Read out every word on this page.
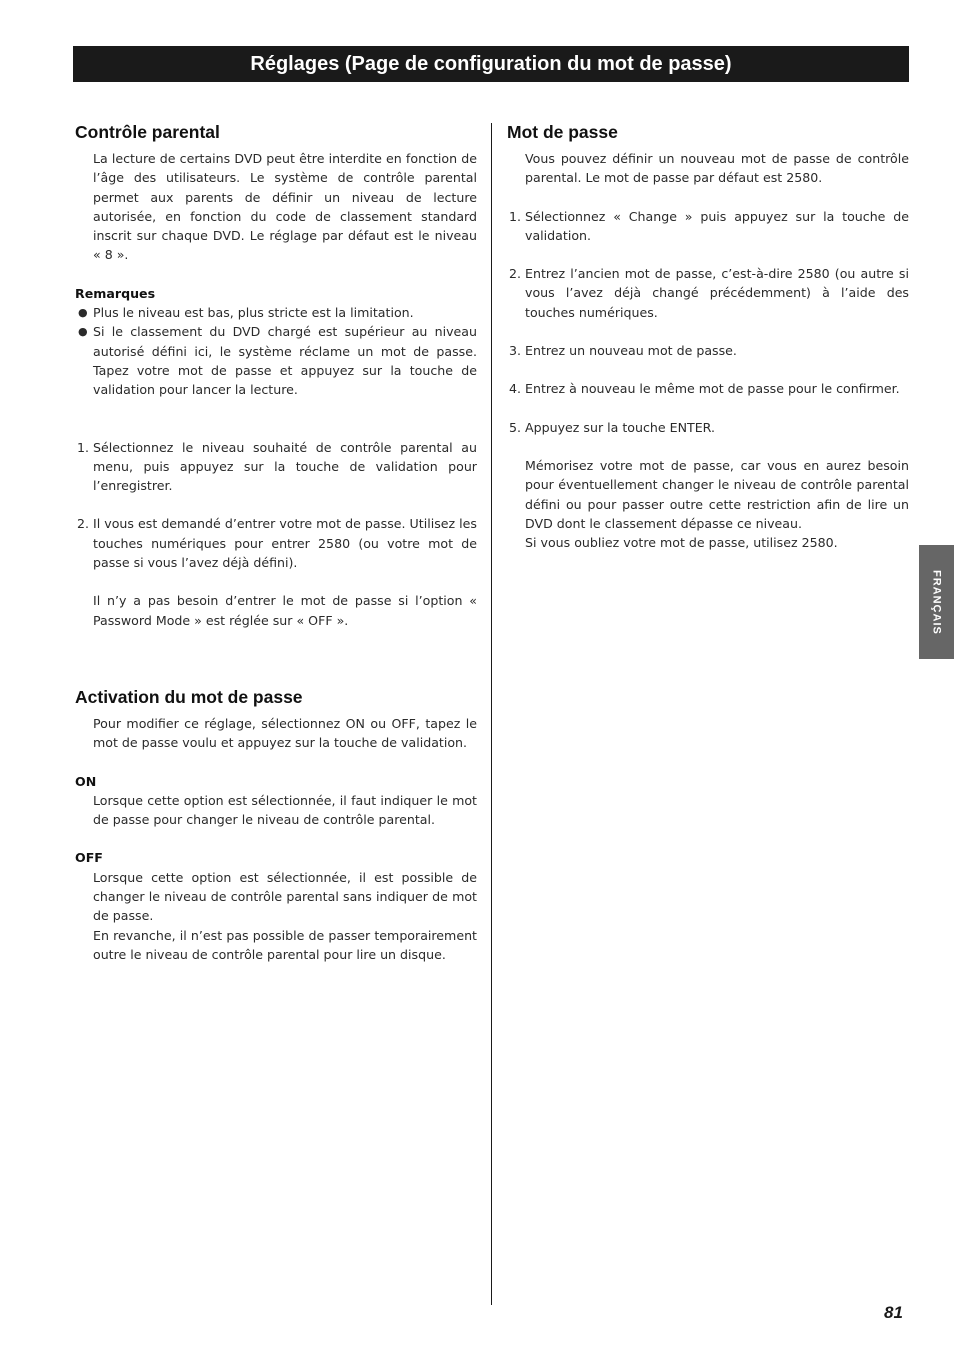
Réglages (Page de configuration du mot de passe)
Contrôle parental

La lecture de certains DVD peut être interdite en fonction de l’âge des utilisateurs. Le système de contrôle parental permet aux parents de définir un niveau de lecture autorisée, en fonction du code de classement standard inscrit sur chaque DVD. Le réglage par défaut est le niveau « 8 ».

Remarques

● Plus le niveau est bas, plus stricte est la limitation.
● Si le classement du DVD chargé est supérieur au niveau autorisé défini ici, le système réclame un mot de passe. Tapez votre mot de passe et appuyez sur la touche de validation pour lancer la lecture.
1. Sélectionnez le niveau souhaité de contrôle parental au menu, puis appuyez sur la touche de validation pour l’enregistrer.
2. Il vous est demandé d’entrer votre mot de passe. Utilisez les touches numériques pour entrer 2580 (ou votre mot de passe si vous l’avez déjà défini).

Il n’y a pas besoin d’entrer le mot de passe si l’option « Password Mode » est réglée sur « OFF ».

Activation du mot de passe

Pour modifier ce réglage, sélectionnez ON ou OFF, tapez le mot de passe voulu et appuyez sur la touche de validation.

ON

Lorsque cette option est sélectionnée, il faut indiquer le mot de passe pour changer le niveau de contrôle parental.

OFF

Lorsque cette option est sélectionnée, il est possible de changer le niveau de contrôle parental sans indiquer de mot de passe.

En revanche, il n’est pas possible de passer temporairement outre le niveau de contrôle parental pour lire un disque.

Mot de passe

Vous pouvez définir un nouveau mot de passe de contrôle parental. Le mot de passe par défaut est 2580.

1. Sélectionnez « Change » puis appuyez sur la touche de validation.
2. Entrez l’ancien mot de passe, c’est-à-dire 2580 (ou autre si vous l’avez déjà changé précédemment) à l’aide des touches numériques.
3. Entrez un nouveau mot de passe.
4. Entrez à nouveau le même mot de passe pour le confirmer.
5. Appuyez sur la touche ENTER.

Mémorisez votre mot de passe, car vous en aurez besoin pour éventuellement changer le niveau de contrôle parental défini ou pour passer outre cette restriction afin de lire un DVD dont le classement dépasse ce niveau.

Si vous oubliez votre mot de passe, utilisez 2580.

FRANÇAIS
81
